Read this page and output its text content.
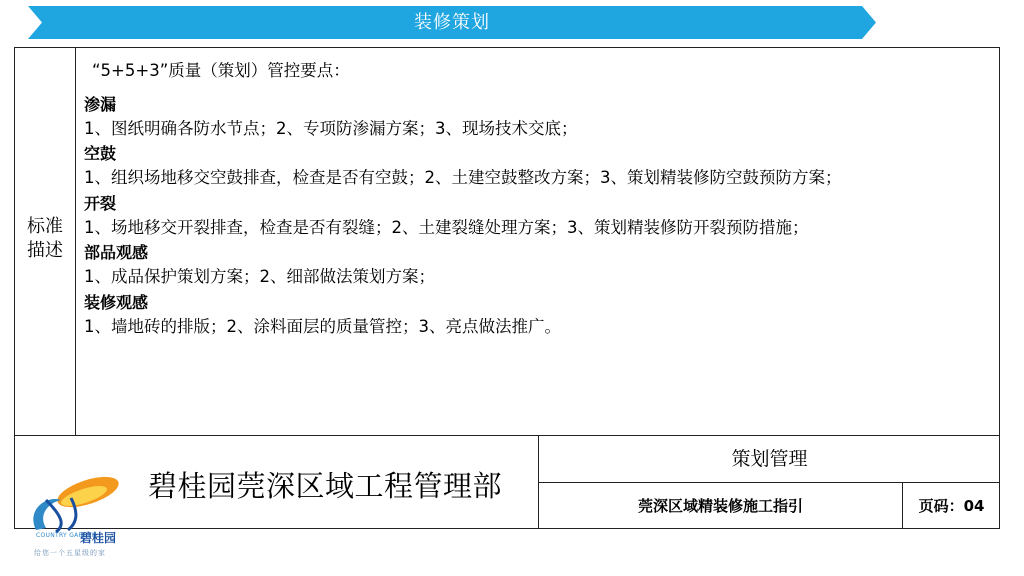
装修策划
标准
描述
“5+5+3”质量（策划）管控要点：
渗漏
1、图纸明确各防水节点；2、专项防渗漏方案；3、现场技术交底；
空鼓
1、组织场地移交空鼓排查，检查是否有空鼓；2、土建空鼓整改方案；3、策划精装修防空鼓预防方案；
开裂
1、场地移交开裂排查，检查是否有裂缝；2、土建裂缝处理方案；3、策划精装修防开裂预防措施；
部品观感
1、成品保护策划方案；2、细部做法策划方案；
装修观感
1、墙地砖的排版；2、涂料面层的质量管控；3、亮点做法推广。
碧桂园莞深区域工程管理部
策划管理
莞深区域精装修施工指引	页码：04
COUNTRY GARDEN
碧桂园
给您一个五星级的家
